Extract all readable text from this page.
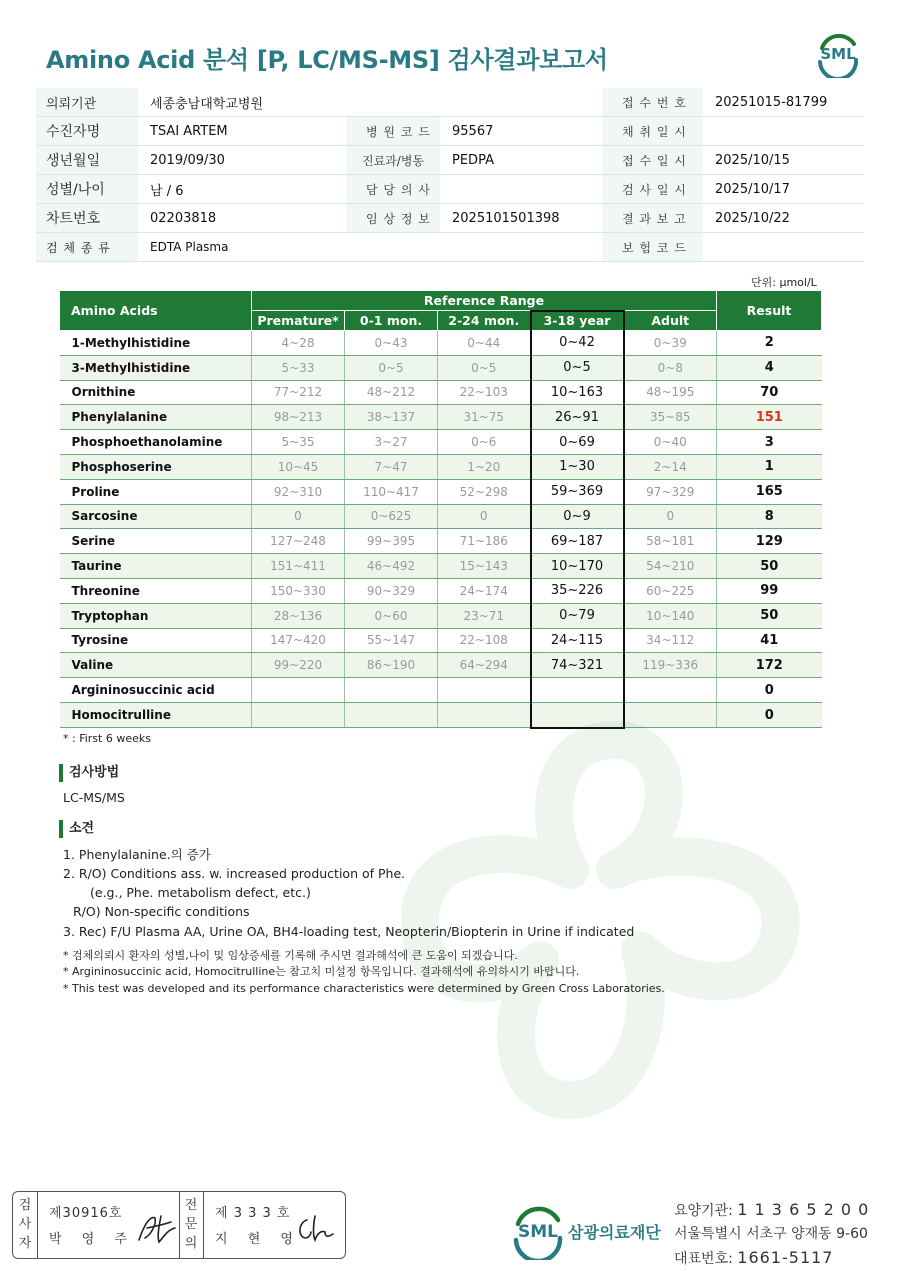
Amino Acid 분석 [P, LC/MS-MS] 검사결과보고서	SML
의뢰기관	세종충남대학교병원			접 수 번 호	20251015-81799
수진자명	TSAI ARTEM	병 원 코 드	95567	채 취 일 시	
생년월일	2019/09/30	진료과/병동	PEDPA	접 수 일 시	2025/10/15
성별/나이	남 / 6	담 당 의 사		검 사 일 시	2025/10/17
차트번호	02203818	임 상 정 보	2025101501398	결 과 보 고	2025/10/22
검 체 종 류	EDTA Plasma			보 험 코 드	
단위: μmol/L
Amino Acids	Reference Range					Result
	Premature*	0-1 mon.	2-24 mon.	3-18 year	Adult	
1-Methylhistidine	4~28	0~43	0~44	0~42	0~39	2
3-Methylhistidine	5~33	0~5	0~5	0~5	0~8	4
Ornithine	77~212	48~212	22~103	10~163	48~195	70
Phenylalanine	98~213	38~137	31~75	26~91	35~85	151
Phosphoethanolamine	5~35	3~27	0~6	0~69	0~40	3
Phosphoserine	10~45	7~47	1~20	1~30	2~14	1
Proline	92~310	110~417	52~298	59~369	97~329	165
Sarcosine	0	0~625	0	0~9	0	8
Serine	127~248	99~395	71~186	69~187	58~181	129
Taurine	151~411	46~492	15~143	10~170	54~210	50
Threonine	150~330	90~329	24~174	35~226	60~225	99
Tryptophan	28~136	0~60	23~71	0~79	10~140	50
Tyrosine	147~420	55~147	22~108	24~115	34~112	41
Valine	99~220	86~190	64~294	74~321	119~336	172
Argininosuccinic acid						0
Homocitrulline						0
* : First 6 weeks
검사방법
LC-MS/MS
소견
1. Phenylalanine.의 증가
2. R/O) Conditions ass. w. increased production of Phe.
(e.g., Phe. metabolism defect, etc.)
R/O) Non-specific conditions
3. Rec) F/U Plasma AA, Urine OA, BH4-loading test, Neopterin/Biopterin in Urine if indicated
* 검체의뢰시 환자의 성별,나이 및 임상증세를 기록해 주시면 결과해석에 큰 도움이 되겠습니다.
* Argininosuccinic acid, Homocitrulline는 참고치 미설정 항목입니다. 결과해석에 유의하시기 바랍니다.
* This test was developed and its performance characteristics were determined by Green Cross Laboratories.
검
사
자
제30916호
박 영 주
전
문
의
제 3 3 3 호
지 현 영	SML 삼광의료재단
요양기관: 1 1 3 6 5 2 0 0
서울특별시 서초구 양재동 9-60
대표번호: 1661-5117
